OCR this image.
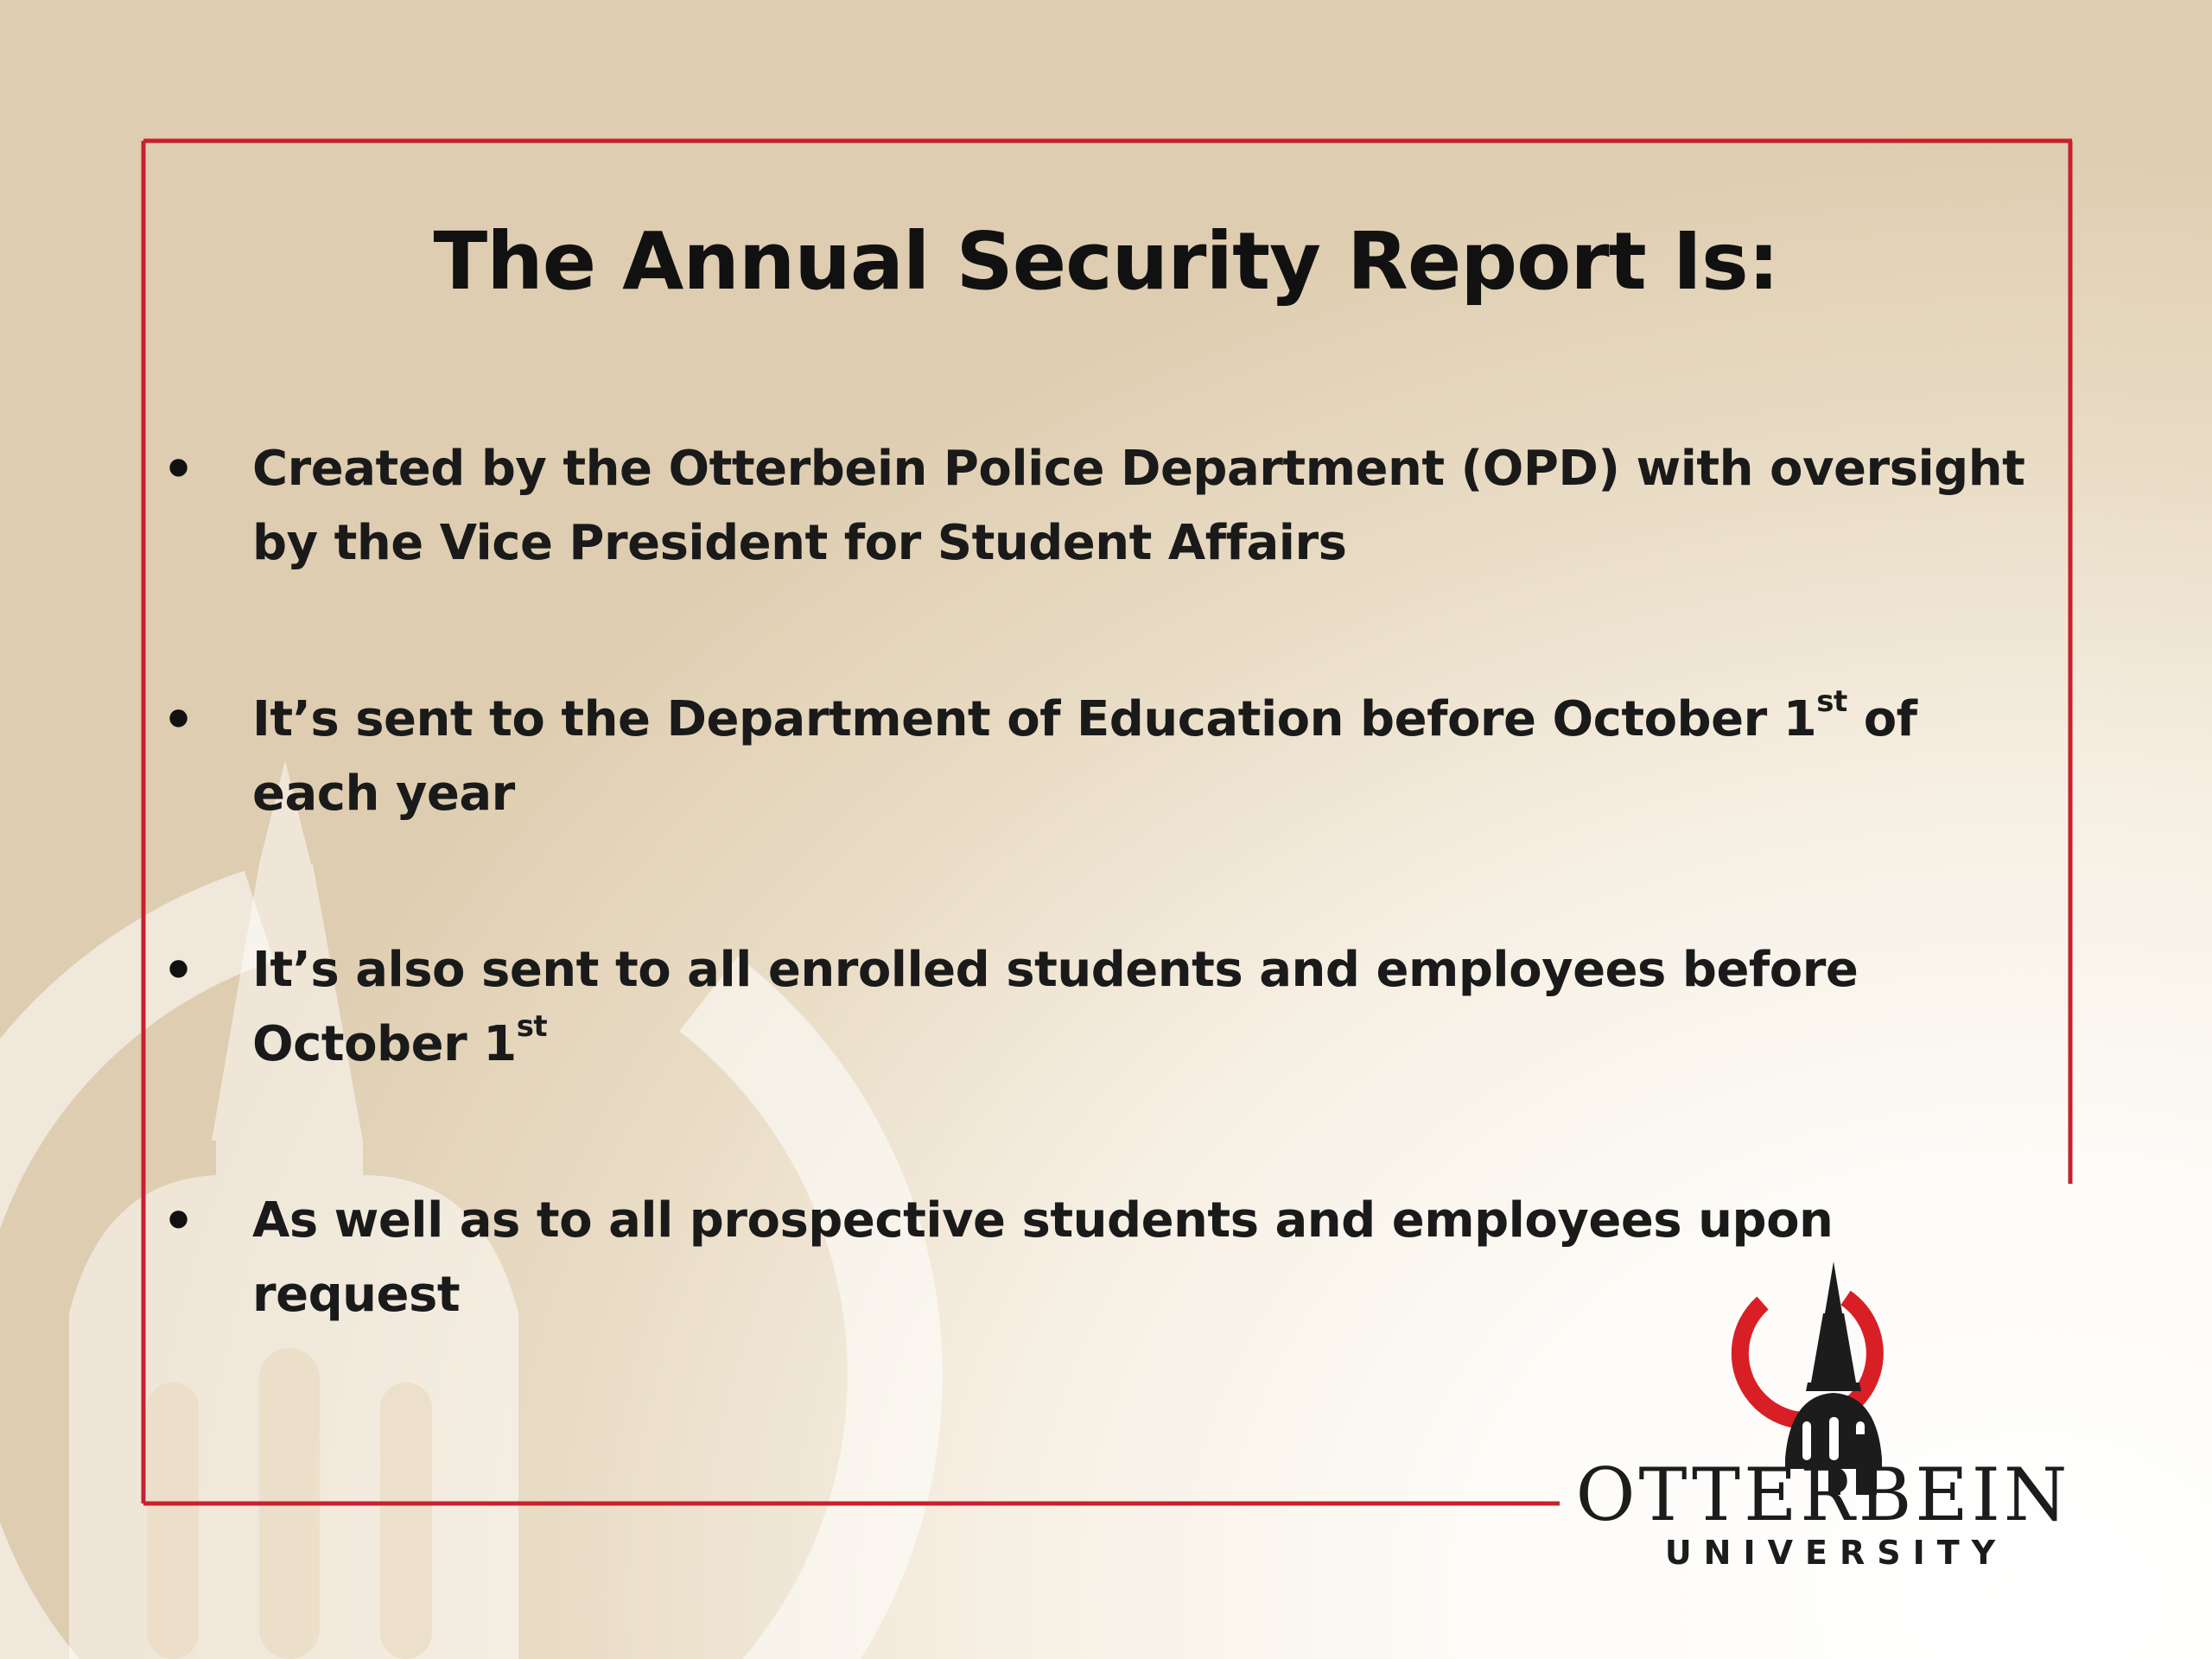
The Annual Security Report Is:
•	Created by the Otterbein Police Department (OPD) with oversight by the Vice President for Student Affairs
•	It’s sent to the Department of Education before October 1st of each year
•	It’s also sent to all enrolled students and employees before October 1st
•	As well as to all prospective students and employees upon request
OTTERBEIN
UNIVERSITY
